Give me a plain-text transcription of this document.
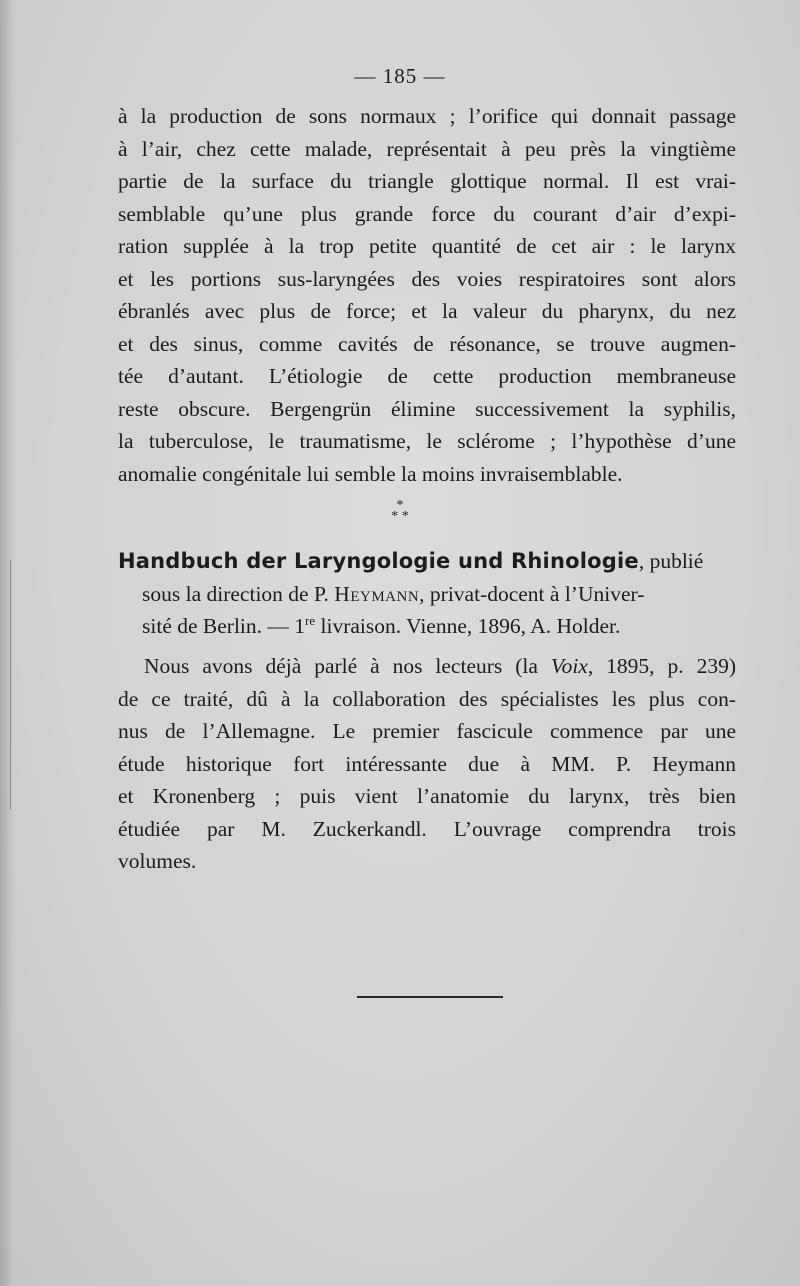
— 185 —
à la production de sons normaux ; l’orifice qui donnait passage
à l’air, chez cette malade, représentait à peu près la vingtième
partie de la surface du triangle glottique normal. Il est vrai-
semblable qu’une plus grande force du courant d’air d’expi-
ration supplée à la trop petite quantité de cet air : le larynx
et les portions sus-laryngées des voies respiratoires sont alors
ébranlés avec plus de force; et la valeur du pharynx, du nez
et des sinus, comme cavités de résonance, se trouve augmen-
tée d’autant. L’étiologie de cette production membraneuse
reste obscure. Bergengrün élimine successivement la syphilis,
la tuberculose, le traumatisme, le sclérome ; l’hypothèse d’une
anomalie congénitale lui semble la moins invraisemblable.
*
* *
Handbuch der Laryngologie und Rhinologie, publié
sous la direction de P. Heymann, privat-docent à l’Univer-
sité de Berlin. — 1re livraison. Vienne, 1896, A. Holder.
Nous avons déjà parlé à nos lecteurs (la Voix, 1895, p. 239)
de ce traité, dû à la collaboration des spécialistes les plus con-
nus de l’Allemagne. Le premier fascicule commence par une
étude historique fort intéressante due à MM. P. Heymann
et Kronenberg ; puis vient l’anatomie du larynx, très bien
étudiée par M. Zuckerkandl. L’ouvrage comprendra trois
volumes.
